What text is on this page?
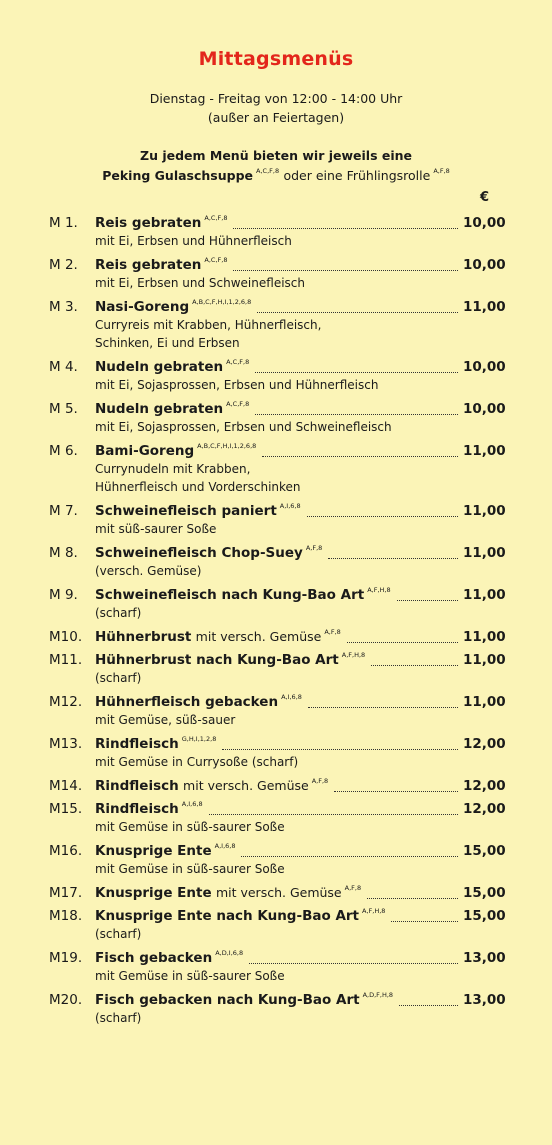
Mittagsmenüs
Dienstag - Freitag von 12:00 - 14:00 Uhr
(außer an Feiertagen)
Zu jedem Menü bieten wir jeweils eine
Peking Gulaschsuppe $^{A,C,F,8}$ oder eine Frühlingsrolle $^{A,F,8}$
€
M 1. Reis gebraten $^{A,C,F,8}$	10,00
mit Ei, Erbsen und Hühnerfleisch
M 2. Reis gebraten $^{A,C,F,8}$	10,00
mit Ei, Erbsen und Schweinefleisch
M 3. Nasi-Goreng $^{A,B,C,F,H,I,1,2,6,8}$	11,00
Curryreis mit Krabben, Hühnerfleisch,
Schinken, Ei und Erbsen
M 4. Nudeln gebraten $^{A,C,F,8}$	10,00
mit Ei, Sojasprossen, Erbsen und Hühnerfleisch
M 5. Nudeln gebraten $^{A,C,F,8}$	10,00
mit Ei, Sojasprossen, Erbsen und Schweinefleisch
M 6. Bami-Goreng $^{A,B,C,F,H,I,1,2,6,8}$	11,00
Currynudeln mit Krabben,
Hühnerfleisch und Vorderschinken
M 7. Schweinefleisch paniert $^{A,I,6,8}$	11,00
mit süß-saurer Soße
M 8. Schweinefleisch Chop-Suey $^{A,F,8}$	11,00
(versch. Gemüse)
M 9. Schweinefleisch nach Kung-Bao Art $^{A,F,H,8}$	11,00
(scharf)
M10. Hühnerbrust mit versch. Gemüse $^{A,F,8}$	11,00
M11. Hühnerbrust nach Kung-Bao Art $^{A,F,H,8}$	11,00
(scharf)
M12. Hühnerfleisch gebacken $^{A,I,6,8}$	11,00
mit Gemüse, süß-sauer
M13. Rindfleisch $^{G,H,I,1,2,8}$	12,00
mit Gemüse in Currysoße (scharf)
M14. Rindfleisch mit versch. Gemüse $^{A,F,8}$	12,00
M15. Rindfleisch $^{A,I,6,8}$	12,00
mit Gemüse in süß-saurer Soße
M16. Knusprige Ente $^{A,I,6,8}$	15,00
mit Gemüse in süß-saurer Soße
M17. Knusprige Ente mit versch. Gemüse $^{A,F,8}$	15,00
M18. Knusprige Ente nach Kung-Bao Art $^{A,F,H,8}$	15,00
(scharf)
M19. Fisch gebacken $^{A,D,I,6,8}$	13,00
mit Gemüse in süß-saurer Soße
M20. Fisch gebacken nach Kung-Bao Art $^{A,D,F,H,8}$	13,00
(scharf)
